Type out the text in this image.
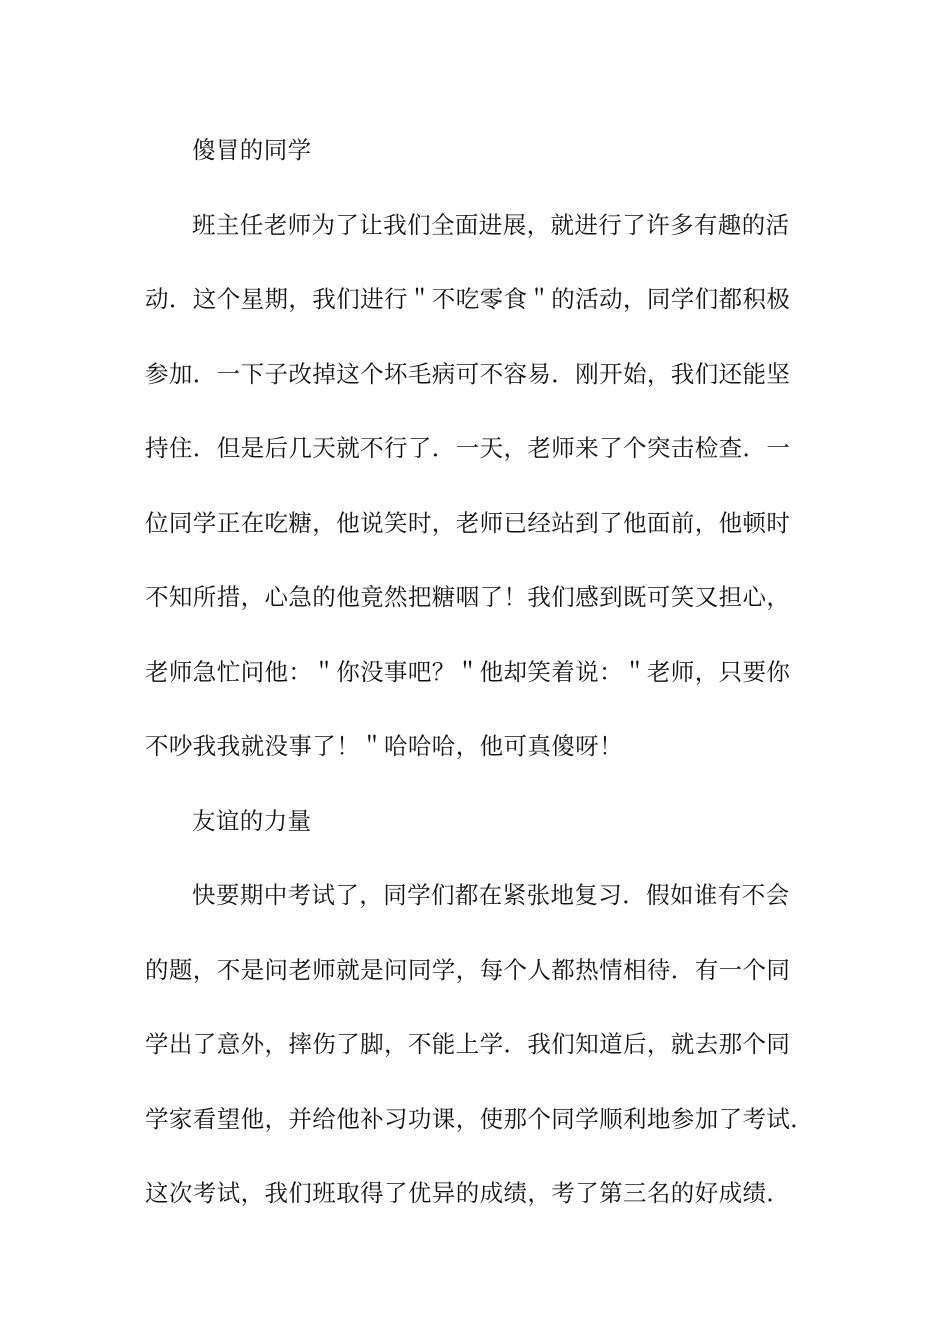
傻冒的同学
班主任老师为了让我们全面进展，就进行了许多有趣的活
动．这个星期，我们进行＂不吃零食＂的活动，同学们都积极
参加．一下子改掉这个坏毛病可不容易．刚开始，我们还能坚
持住．但是后几天就不行了．一天，老师来了个突击检查．一
位同学正在吃糖，他说笑时，老师已经站到了他面前，他顿时
不知所措，心急的他竟然把糖咽了！我们感到既可笑又担心，
老师急忙问他：＂你没事吧？＂他却笑着说：＂老师，只要你
不吵我我就没事了！＂哈哈哈，他可真傻呀！
友谊的力量
快要期中考试了，同学们都在紧张地复习．假如谁有不会
的题，不是问老师就是问同学，每个人都热情相待．有一个同
学出了意外，摔伤了脚，不能上学．我们知道后，就去那个同
学家看望他，并给他补习功课，使那个同学顺利地参加了考试．
这次考试，我们班取得了优异的成绩，考了第三名的好成绩．
